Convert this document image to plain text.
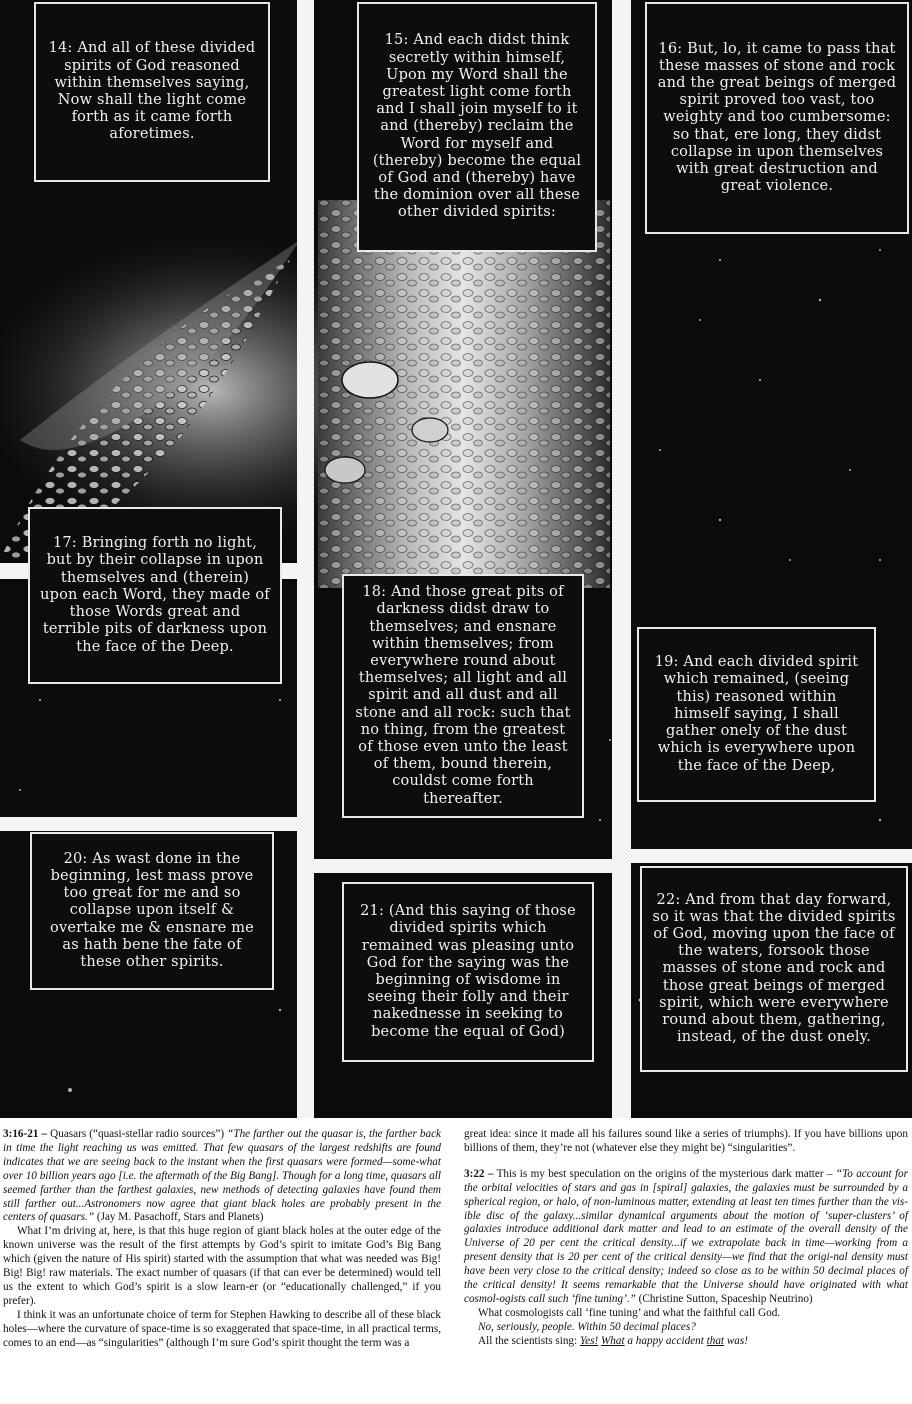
14: And all of these divided spirits of God reasoned within themselves saying, Now shall the light come forth as it came forth aforetimes.
15: And each didst think secretly within himself, Upon my Word shall the greatest light come forth and I shall join myself to it and (thereby) reclaim the Word for myself and (thereby) become the equal of God and (thereby) have the dominion over all these other divided spirits:
16: But, lo, it came to pass that these masses of stone and rock and the great beings of merged spirit proved too vast, too weighty and too cumbersome: so that, ere long, they didst collapse in upon themselves with great destruction and great violence.
17: Bringing forth no light, but by their collapse in upon themselves and (therein) upon each Word, they made of those Words great and terrible pits of darkness upon the face of the Deep.
18: And those great pits of darkness didst draw to themselves; and ensnare within themselves; from everywhere round about themselves; all light and all spirit and all dust and all stone and all rock: such that no thing, from the greatest of those even unto the least of them, bound therein, couldst come forth thereafter.
19: And each divided spirit which remained, (seeing this) reasoned within himself saying, I shall gather onely of the dust which is everywhere upon the face of the Deep,
20: As wast done in the beginning, lest mass prove too great for me and so collapse upon itself & overtake me & ensnare me as hath bene the fate of these other spirits.
21: (And this saying of those divided spirits which remained was pleasing unto God for the saying was the beginning of wisdome in seeing their folly and their nakednesse in seeking to become the equal of God)
22: And from that day forward, so it was that the divided spirits of God, moving upon the face of the waters, forsook those masses of stone and rock and those great beings of merged spirit, which were everywhere round about them, gathering, instead, of the dust onely.

3:16-21 – Quasars (“quasi-stellar radio sources”) “The farther out the quasar is, the farther back in time the light reaching us was emitted. That few quasars of the largest redshifts are found indicates that we are seeing back to the instant when the first quasars were formed—some-what over 10 billion years ago [i.e. the aftermath of the Big Bang]. Though for a long time, quasars all seemed farther than the farthest galaxies, new methods of detecting galaxies have found them still farther out...Astronomers now agree that giant black holes are probably present in the centers of quasars.” (Jay M. Pasachoff, Stars and Planets)

What I’m driving at, here, is that this huge region of giant black holes at the outer edge of the known universe was the result of the first attempts by God’s spirit to imitate God’s Big Bang which (given the nature of His spirit) started with the assumption that what was needed was Big! Big! Big! raw materials. The exact number of quasars (if that can ever be determined) would tell us the extent to which God’s spirit is a slow learn-er (or “educationally challenged,” if you prefer).

I think it was an unfortunate choice of term for Stephen Hawking to describe all of these black holes—where the curvature of space-time is so exaggerated that space-time, in all practical terms, comes to an end—as “singularities” (although I’m sure God’s spirit thought the term was a

great idea: since it made all his failures sound like a series of triumphs). If you have billions upon billions of them, they’re not (whatever else they might be) “singularities”.

3:22 – This is my best speculation on the origins of the mysterious dark matter – “To account for the orbital velocities of stars and gas in [spiral] galaxies, the galaxies must be surrounded by a spherical region, or halo, of non-luminous matter, extending at least ten times further than the vis-ible disc of the galaxy...similar dynamical arguments about the motion of ‘super-clusters’ of galaxies introduce additional dark matter and lead to an estimate of the overall density of the Universe of 20 per cent the critical density...if we extrapolate back in time—working from a present density that is 20 per cent of the critical density—we find that the origi-nal density must have been very close to the critical density; indeed so close as to be within 50 decimal places of the critical density! It seems remarkable that the Universe should have originated with what cosmol-ogists call such ‘fine tuning’.” (Christine Sutton, Spaceship Neutrino)

What cosmologists call ‘fine tuning’ and what the faithful call God.

No, seriously, people. Within 50 decimal places?

All the scientists sing: Yes! What a happy accident that was!
